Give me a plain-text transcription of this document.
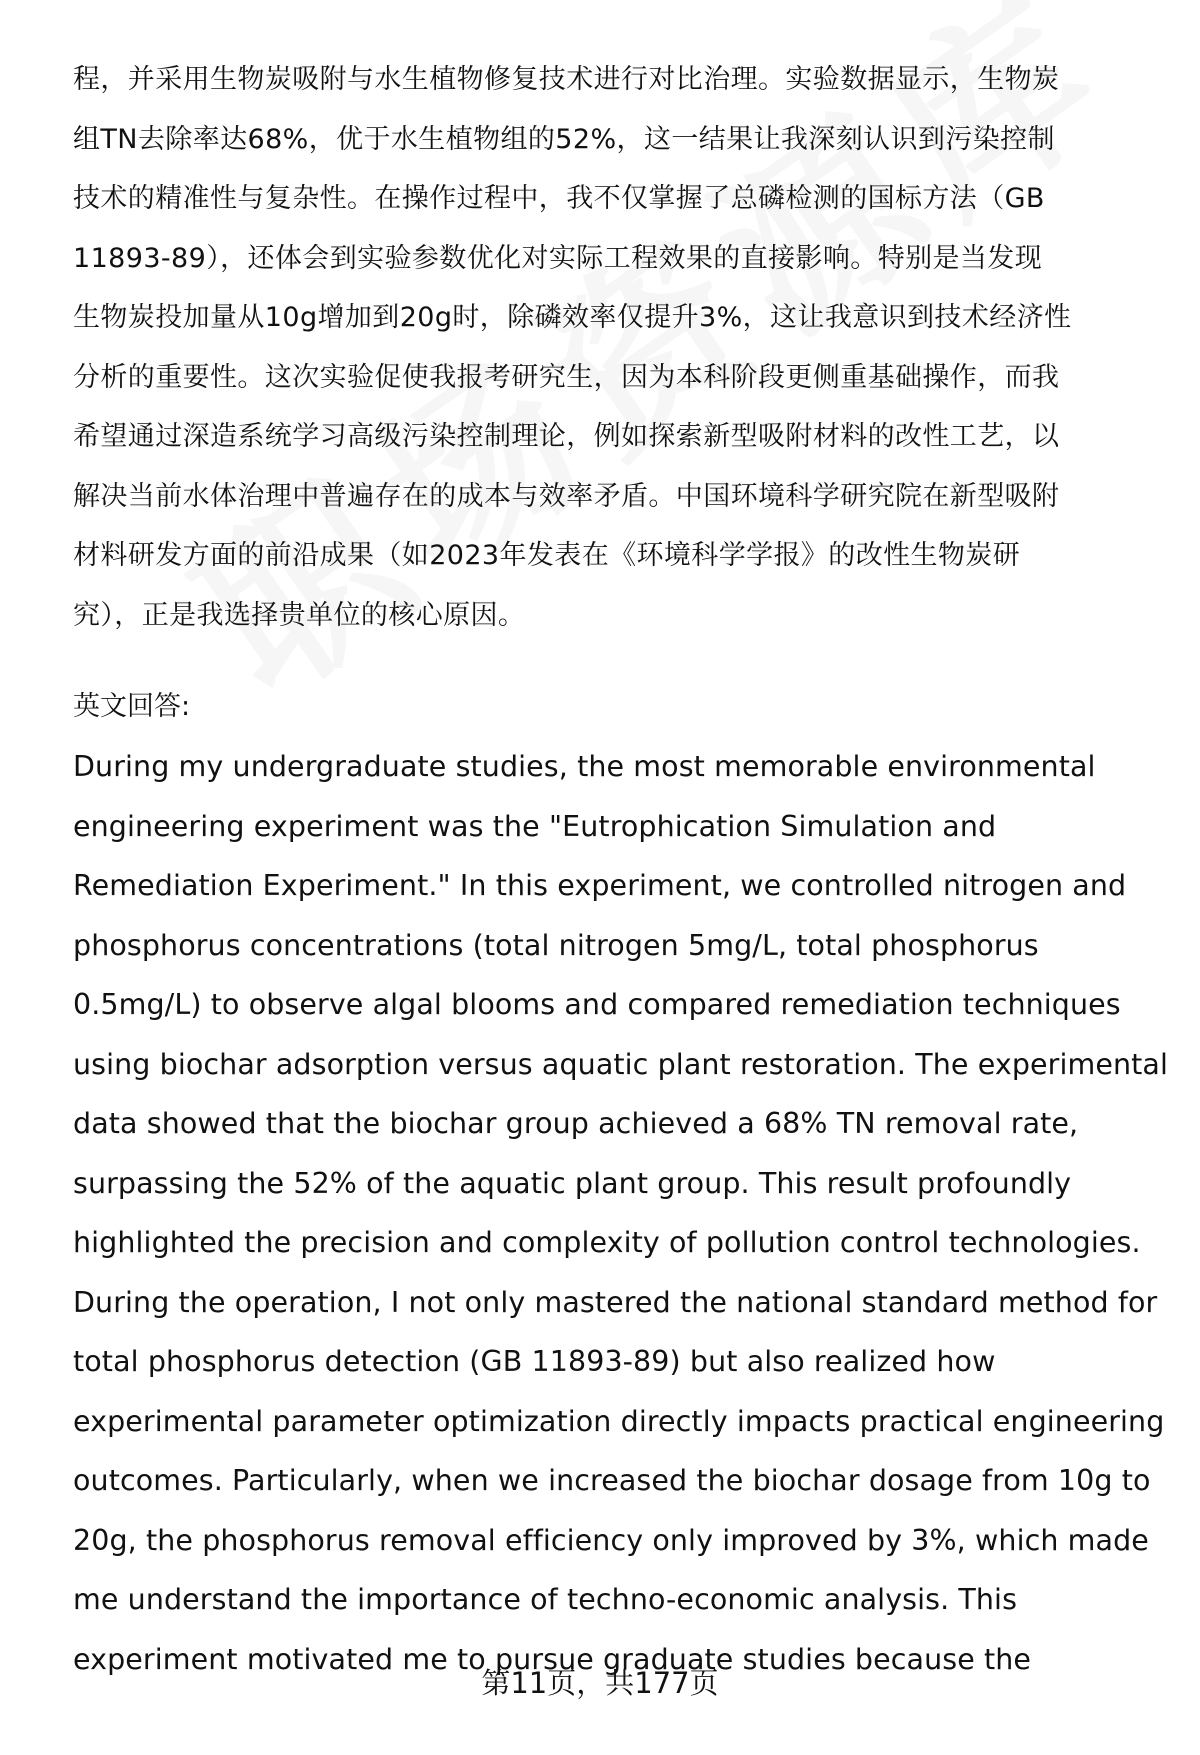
程，并采用生物炭吸附与水生植物修复技术进行对比治理。实验数据显示，生物炭
组TN去除率达68%，优于水生植物组的52%，这一结果让我深刻认识到污染控制
技术的精准性与复杂性。在操作过程中，我不仅掌握了总磷检测的国标方法（GB
11893-89），还体会到实验参数优化对实际工程效果的直接影响。特别是当发现
生物炭投加量从10g增加到20g时，除磷效率仅提升3%，这让我意识到技术经济性
分析的重要性。这次实验促使我报考研究生，因为本科阶段更侧重基础操作，而我
希望通过深造系统学习高级污染控制理论，例如探索新型吸附材料的改性工艺，以
解决当前水体治理中普遍存在的成本与效率矛盾。中国环境科学研究院在新型吸附
材料研发方面的前沿成果（如2023年发表在《环境科学学报》的改性生物炭研
究），正是我选择贵单位的核心原因。
英文回答:
During my undergraduate studies, the most memorable environmental
engineering experiment was the "Eutrophication Simulation and
Remediation Experiment." In this experiment, we controlled nitrogen and
phosphorus concentrations (total nitrogen 5mg/L, total phosphorus
0.5mg/L) to observe algal blooms and compared remediation techniques
using biochar adsorption versus aquatic plant restoration. The experimental
data showed that the biochar group achieved a 68% TN removal rate,
surpassing the 52% of the aquatic plant group. This result profoundly
highlighted the precision and complexity of pollution control technologies.
During the operation, I not only mastered the national standard method for
total phosphorus detection (GB 11893-89) but also realized how
experimental parameter optimization directly impacts practical engineering
outcomes. Particularly, when we increased the biochar dosage from 10g to
20g, the phosphorus removal efficiency only improved by 3%, which made
me understand the importance of techno-economic analysis. This
experiment motivated me to pursue graduate studies because the
第11页，共177页
